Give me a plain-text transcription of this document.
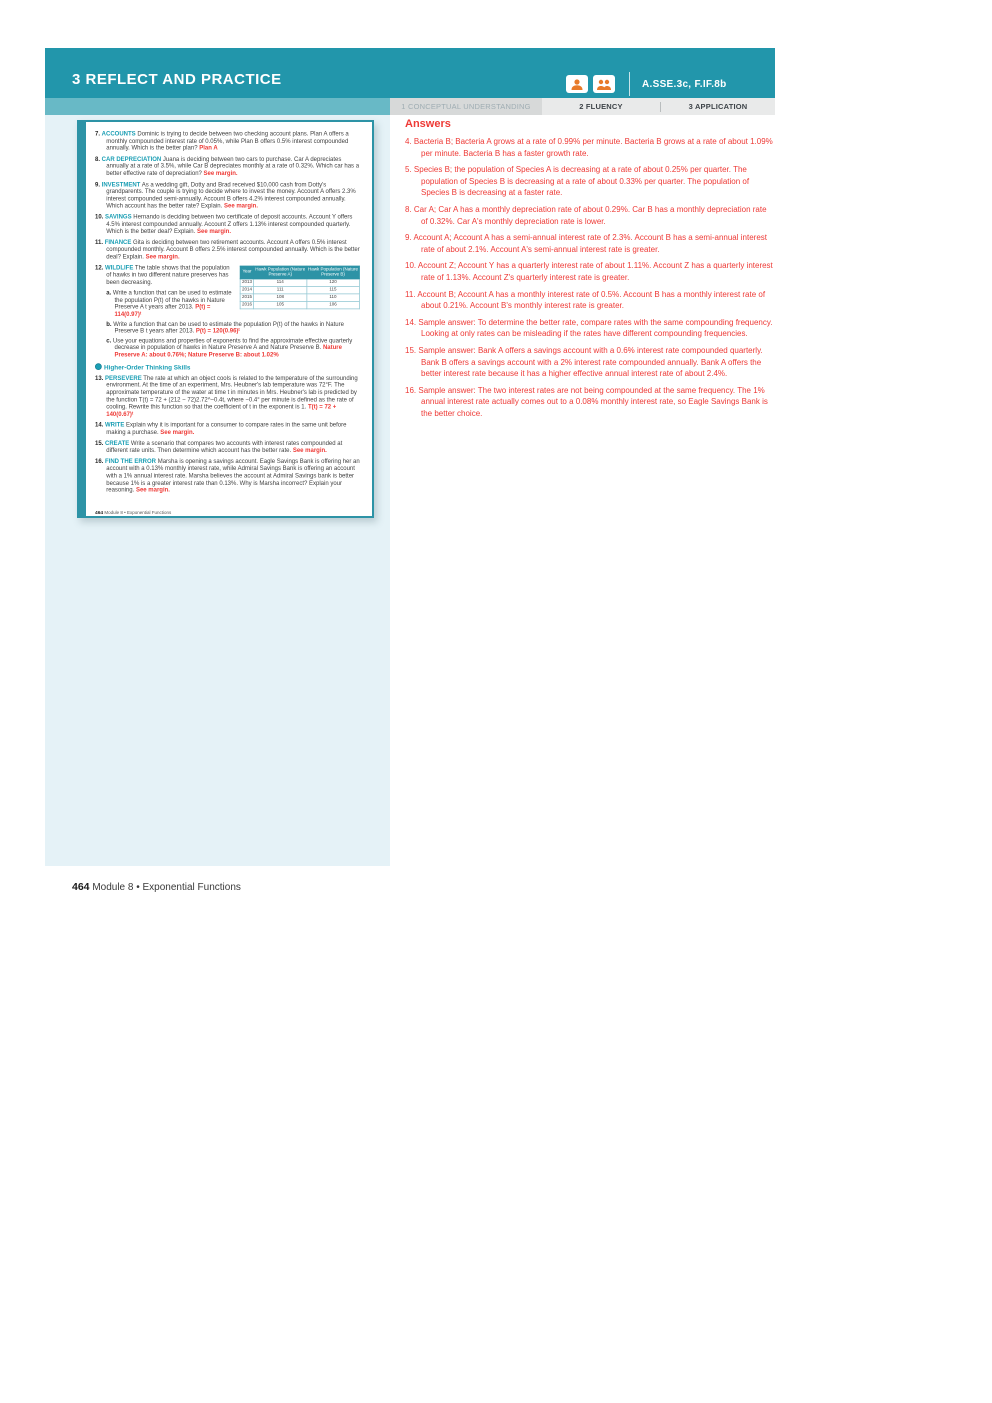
3 REFLECT AND PRACTICE	A.SSE.3c, F.IF.8b
1 CONCEPTUAL UNDERSTANDING	2 FLUENCY	3 APPLICATION

7. ACCOUNTS Dominic is trying to decide between two checking account plans. Plan A offers a monthly compounded interest rate of 0.05%, while Plan B offers 0.5% interest compounded annually. Which is the better plan? Plan A

8. CAR DEPRECIATION Juana is deciding between two cars to purchase. Car A depreciates annually at a rate of 3.5%, while Car B depreciates monthly at a rate of 0.32%. Which car has a better effective rate of depreciation? See margin.

9. INVESTMENT As a wedding gift, Dotty and Brad received $10,000 cash from Dotty's grandparents. The couple is trying to decide where to invest the money. Account A offers 2.3% interest compounded semi-annually. Account B offers 4.2% interest compounded annually. Which account has the better rate? Explain. See margin.

10. SAVINGS Hernando is deciding between two certificate of deposit accounts. Account Y offers 4.5% interest compounded annually. Account Z offers 1.13% interest compounded quarterly. Which is the better deal? Explain. See margin.

11. FINANCE Gita is deciding between two retirement accounts. Account A offers 0.5% interest compounded monthly. Account B offers 2.5% interest compounded annually. Which is the better deal? Explain. See margin.

Year	Hawk Population (Nature Preserve A)	Hawk Population (Nature Preserve B)
2013	114	120
2014	111	115
2015	108	110
2016	105	106

12. WILDLIFE The table shows that the population of hawks in two different nature preserves has been decreasing.

a. Write a function that can be used to estimate the population P(t) of the hawks in Nature Preserve A t years after 2013. P(t) = 114(0.97)ᵗ

b. Write a function that can be used to estimate the population P(t) of the hawks in Nature Preserve B t years after 2013. P(t) = 120(0.96)ᵗ

c. Use your equations and properties of exponents to find the approximate effective quarterly decrease in population of hawks in Nature Preserve A and Nature Preserve B. Nature Preserve A: about 0.76%; Nature Preserve B: about 1.02%

Higher-Order Thinking Skills

13. PERSEVERE The rate at which an object cools is related to the temperature of the surrounding environment. At the time of an experiment, Mrs. Heubner's lab temperature was 72°F. The approximate temperature of the water at time t in minutes in Mrs. Heubner's lab is predicted by the function T(t) = 72 + (212 − 72)2.72^−0.4t, where −0.4° per minute is defined as the rate of cooling. Rewrite this function so that the coefficient of t in the exponent is 1. T(t) = 72 + 140(0.67)ᵗ

14. WRITE Explain why it is important for a consumer to compare rates in the same unit before making a purchase. See margin.

15. CREATE Write a scenario that compares two accounts with interest rates compounded at different rate units. Then determine which account has the better rate. See margin.

16. FIND THE ERROR Marsha is opening a savings account. Eagle Savings Bank is offering her an account with a 0.13% monthly interest rate, while Admiral Savings Bank is offering an account with a 1% annual interest rate. Marsha believes the account at Admiral Savings bank is better because 1% is a greater interest rate than 0.13%. Why is Marsha incorrect? Explain your reasoning. See margin.

464 Module 8 • Exponential Functions

Answers

4. Bacteria B; Bacteria A grows at a rate of 0.99% per minute. Bacteria B grows at a rate of about 1.09% per minute. Bacteria B has a faster growth rate.

5. Species B; the population of Species A is decreasing at a rate of about 0.25% per quarter. The population of Species B is decreasing at a rate of about 0.33% per quarter. The population of Species B is decreasing at a faster rate.

8. Car A; Car A has a monthly depreciation rate of about 0.29%. Car B has a monthly depreciation rate of 0.32%. Car A's monthly depreciation rate is lower.

9. Account A; Account A has a semi-annual interest rate of 2.3%. Account B has a semi-annual interest rate of about 2.1%. Account A's semi-annual interest rate is greater.

10. Account Z; Account Y has a quarterly interest rate of about 1.11%. Account Z has a quarterly interest rate of 1.13%. Account Z's quarterly interest rate is greater.

11. Account B; Account A has a monthly interest rate of 0.5%. Account B has a monthly interest rate of about 0.21%. Account B's monthly interest rate is greater.

14. Sample answer: To determine the better rate, compare rates with the same compounding frequency. Looking at only rates can be misleading if the rates have different compounding frequencies.

15. Sample answer: Bank A offers a savings account with a 0.6% interest rate compounded quarterly. Bank B offers a savings account with a 2% interest rate compounded annually. Bank A offers the better interest rate because it has a higher effective annual interest rate of about 2.4%.

16. Sample answer: The two interest rates are not being compounded at the same frequency. The 1% annual interest rate actually comes out to a 0.08% monthly interest rate, so Eagle Savings Bank is the better choice.

464 Module 8 • Exponential Functions
